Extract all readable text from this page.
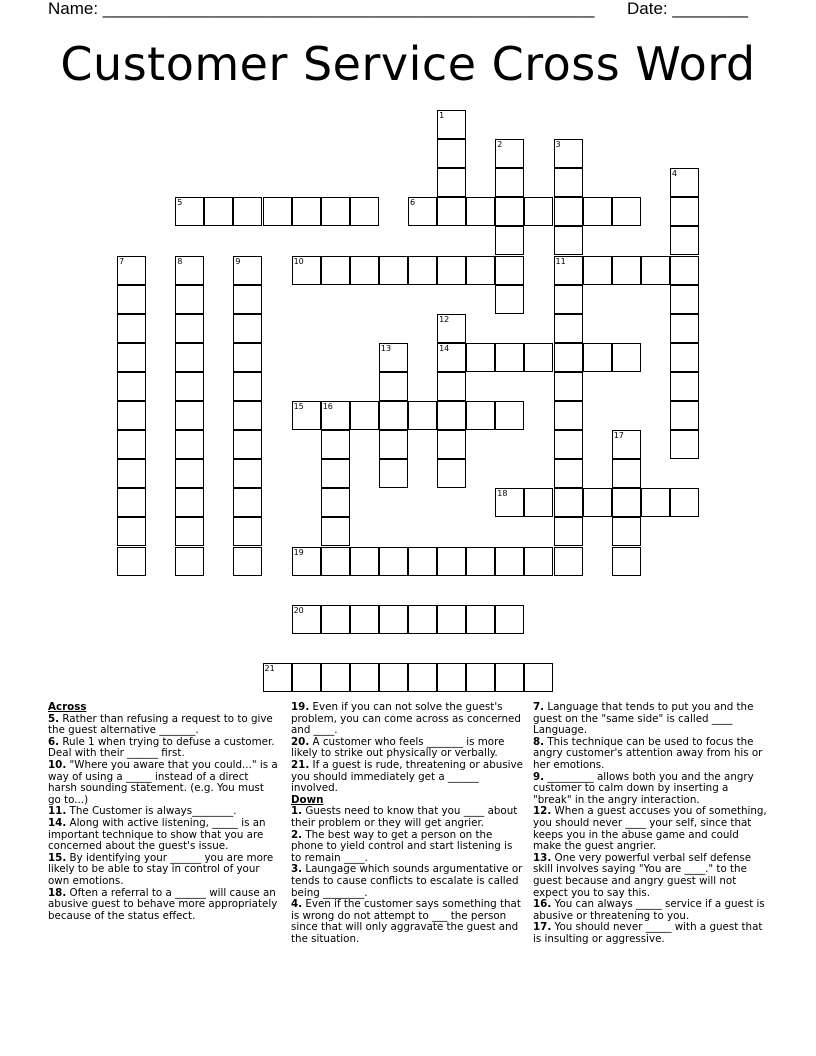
Name: ____________________________________________________ Date: ________
Customer Service Cross Word
5	6
10	11
14
15 16
18
19
20
21
1
2	3
4
7	8	9
12
13
17

Across

5. Rather than refusing a request to to give the guest alternative _______.

6. Rule 1 when trying to defuse a customer. Deal with their ______ first.

10. "Where you aware that you could..." is a way of using a _____ instead of a direct harsh sounding statement. (e.g. You must go to...)

11. The Customer is always________.

14. Along with active listening, _____ is an important technique to show that you are concerned about the guest's issue.

15. By identifying your ______ you are more likely to be able to stay in control of your own emotions.

18. Often a referral to a ______ will cause an abusive guest to behave more appropriately because of the status effect.

19. Even if you can not solve the guest's problem, you can come across as concerned and ____.

20. A customer who feels _______ is more likely to strike out physically or verbally.

21. If a guest is rude, threatening or abusive you should immediately get a ______ involved.

Down

1. Guests need to know that you ____ about their problem or they will get angrier.

2. The best way to get a person on the phone to yield control and start listening is to remain ____.

3. Laungage which sounds argumentative or tends to cause conflicts to escalate is called being ________.

4. Even if the customer says something that is wrong do not attempt to ___ the person since that will only aggravate the guest and the situation.

7. Language that tends to put you and the guest on the "same side" is called ____ Language.

8. This technique can be used to focus the angry customer's attention away from his or her emotions.

9. _________ allows both you and the angry customer to calm down by inserting a "break" in the angry interaction.

12. When a guest accuses you of something, you should never ____ your self, since that keeps you in the abuse game and could make the guest angrier.

13. One very powerful verbal self defense skill involves saying "You are ____." to the guest because and angry guest will not expect you to say this.

16. You can always _____ service if a guest is abusive or threatening to you.

17. You should never _____ with a guest that is insulting or aggressive.
